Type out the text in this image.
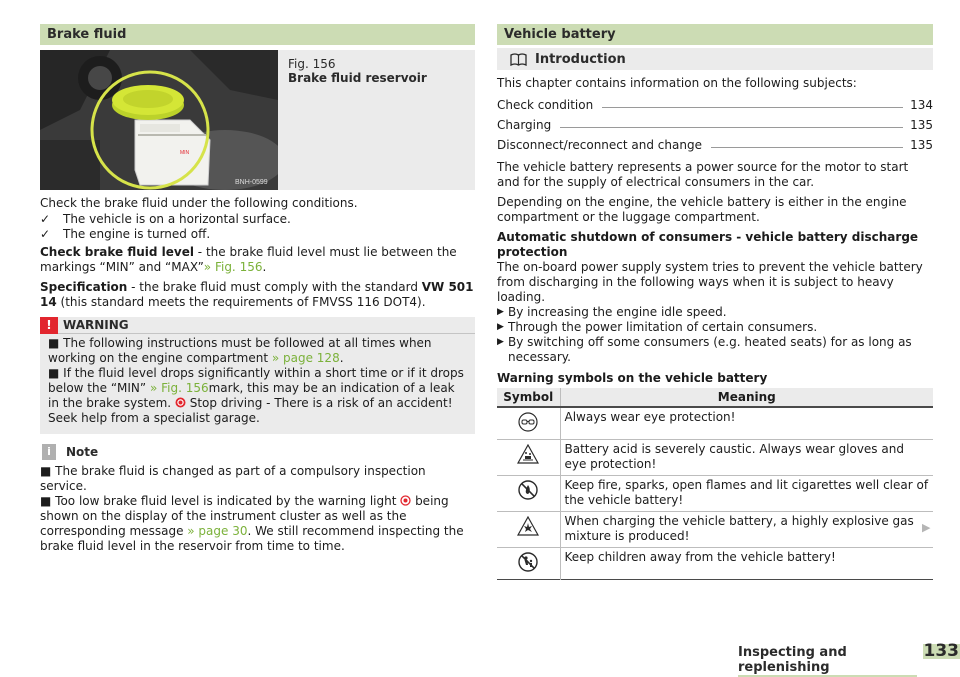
Brake fluid
BNH-0599
MIN
Fig. 156
Brake fluid reservoir

Check the brake fluid under the following conditions.

✓	The vehicle is on a horizontal surface.
✓	The engine is turned off.

Check brake fluid level - the brake fluid level must lie between the markings “MIN” and “MAX”» Fig. 156.

Specification - the brake fluid must comply with the standard VW 501 14 (this standard meets the requirements of FMVSS 116 DOT4).

! WARNING
■ The following instructions must be followed at all times when working on the engine compartment » page 128.
■ If the fluid level drops significantly within a short time or if it drops below the “MIN” » Fig. 156mark, this may be an indication of a leak in the brake system.  Stop driving - There is a risk of an accident! Seek help from a specialist garage.
i	Note
■ The brake fluid is changed as part of a compulsory inspection service.
■ Too low brake fluid level is indicated by the warning light  being shown on the display of the instrument cluster as well as the corresponding message » page 30. We still recommend inspecting the brake fluid level in the reservoir from time to time.
Vehicle battery
Introduction

This chapter contains information on the following subjects:

Check condition	134
Charging	135
Disconnect/reconnect and change	135

The vehicle battery represents a power source for the motor to start and for the supply of electrical consumers in the car.

Depending on the engine, the vehicle battery is either in the engine compartment or the luggage compartment.

Automatic shutdown of consumers - vehicle battery discharge protection
The on-board power supply system tries to prevent the vehicle battery from discharging in the following ways when it is subject to heavy loading.

▶ By increasing the engine idle speed.
▶ Through the power limitation of certain consumers.
▶ By switching off some consumers (e.g. heated seats) for as long as necessary.

Warning symbols on the vehicle battery

Symbol	Meaning
	Always wear eye protection!
	Battery acid is severely caustic. Always wear gloves and eye protection!
	Keep fire, sparks, open flames and lit cigarettes well clear of the vehicle battery!
	When charging the vehicle battery, a highly explosive gas mixture is produced!
	Keep children away from the vehicle battery!
▶
Inspecting and replenishing
133
